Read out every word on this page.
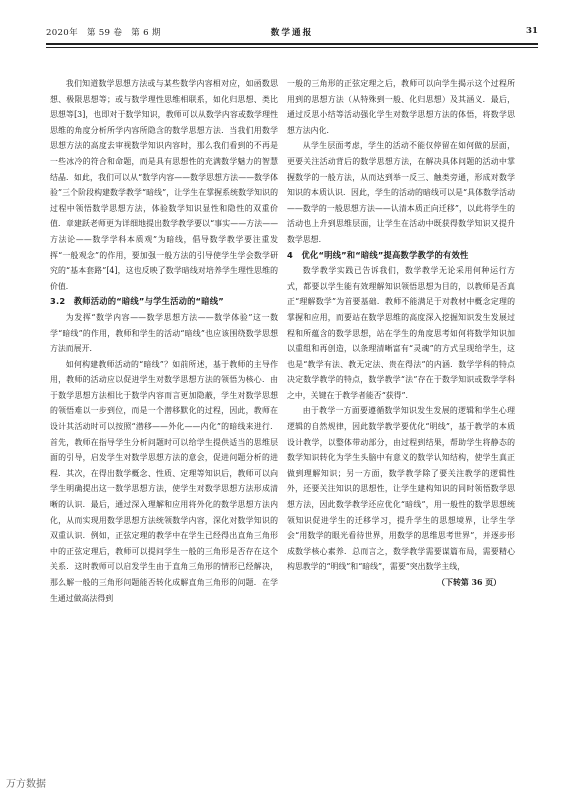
2020年　第 59 卷　第 6 期	数学通报	31

我们知道数学思想方法或与某些数学内容相对应，如函数思想、极限思想等；或与数学理性思维相联系，如化归思想、类比思想等[3]，也即对于数学知识，教师可以从数学内容或数学理性思维的角度分析所学内容所隐含的数学思想方法．当我们用数学思想方法的高度去审视数学知识内容时，那么我们看到的不再是一些冰冷的符合和命题，而是具有思想性的充满数学魅力的智慧结晶．如此，我们可以从“数学内容——数学思想方法——数学体验”三个阶段构建数学教学“暗线”，让学生在掌握系统数学知识的过程中领悟数学思想方法，体验数学知识显性和隐性的双重价值．章建跃老师更为详细地提出数学教学要以“事实——方法——方法论——数学学科本质观”为暗线，倡导数学教学要注重发挥“一般观念”的作用，要加强一般方法的引导使学生学会数学研究的“基本套路”[4]，这也反映了数学暗线对培养学生理性思维的价值．

3.2　教师活动的“暗线”与学生活动的“暗线”

为发挥“数学内容——数学思想方法——数学体验”这一数学“暗线”的作用，教师和学生的活动“暗线”也应该围绕数学思想方法而展开．

如何构建教师活动的“暗线”？如前所述，基于教师的主导作用，教师的活动应以促进学生对数学思想方法的领悟为核心．由于数学思想方法相比于数学内容而言更加隐蔽，学生对数学思想的领悟难以一步到位，而是一个潜移默化的过程，因此，教师在设计其活动时可以按照“潜移——外化——内化”的暗线来进行．首先，教师在指导学生分析问题时可以给学生提供适当的思维层面的引导，启发学生对数学思想方法的意会，促进问题分析的进程．其次，在得出数学概念、性质、定理等知识后，教师可以向学生明确提出这一数学思想方法，使学生对数学思想方法形成清晰的认识．最后，通过深入理解和应用将外化的数学思想方法内化，从而实现用数学思想方法统领数学内容，深化对数学知识的双重认识．例如，正弦定理的教学中在学生已经得出直角三角形中的正弦定理后，教师可以提问学生一般的三角形是否存在这个关系．这时教师可以启发学生由于直角三角形的情形已经解决，那么解一般的三角形问题能否转化成解直角三角形的问题．在学生通过做高法得到

一般的三角形的正弦定理之后，教师可以向学生揭示这个过程所用到的思想方法（从特殊到一般、化归思想）及其涵义．最后，通过反思小结等活动强化学生对数学思想方法的体悟，将数学思想方法内化．

从学生层面考虑，学生的活动不能仅停留在如何做的层面，更要关注活动背后的数学思想方法，在解决具体问题的活动中掌握数学的一般方法，从而达到举一反三、触类旁通，形成对数学知识的本质认识．因此，学生的活动的暗线可以是“具体数学活动——数学的一般思想方法——认清本质正向迁移”，以此将学生的活动也上升到思维层面，让学生在活动中既获得数学知识又提升数学思想．

4　优化“明线”和“暗线”提高数学教学的有效性

数学教学实践已告诉我们，数学教学无论采用何种运行方式，都要以学生能有效理解知识领悟思想为目的，以教师是否真正“理解数学”为首要基础．教师不能满足于对教材中概念定理的掌握和应用，而要站在数学思维的高度深入挖掘知识发生发展过程和所蕴含的数学思想，站在学生的角度思考如何将数学知识加以重组和再创造，以条理清晰富有“灵魂”的方式呈现给学生，这也是“教学有法、教无定法、贵在得法”的内涵．数学学科的特点决定数学教学的特点，数学教学“法”存在于数学知识或数学学科之中，关键在于教学者能否“获得”．

由于教学一方面要遵循数学知识发生发展的逻辑和学生心理逻辑的自然规律，因此数学教学要优化“明线”，基于教学的本质设计教学，以整体带动部分，由过程到结果，帮助学生将静态的数学知识转化为学生头脑中有意义的数学认知结构，使学生真正做到理解知识；另一方面，数学教学除了要关注教学的逻辑性外，还要关注知识的思想性，让学生建构知识的同时领悟数学思想方法，因此数学教学还应优化“暗线”，用一般性的数学思想统领知识促进学生的迁移学习，提升学生的思想境界，让学生学会“用数学的眼光看待世界，用数学的思维思考世界”，并逐步形成数学核心素养．总而言之，数学教学需要谋篇布局，需要精心构思教学的“明线”和“暗线”，需要“突出数学主线，

（下转第 36 页）
万方数据
